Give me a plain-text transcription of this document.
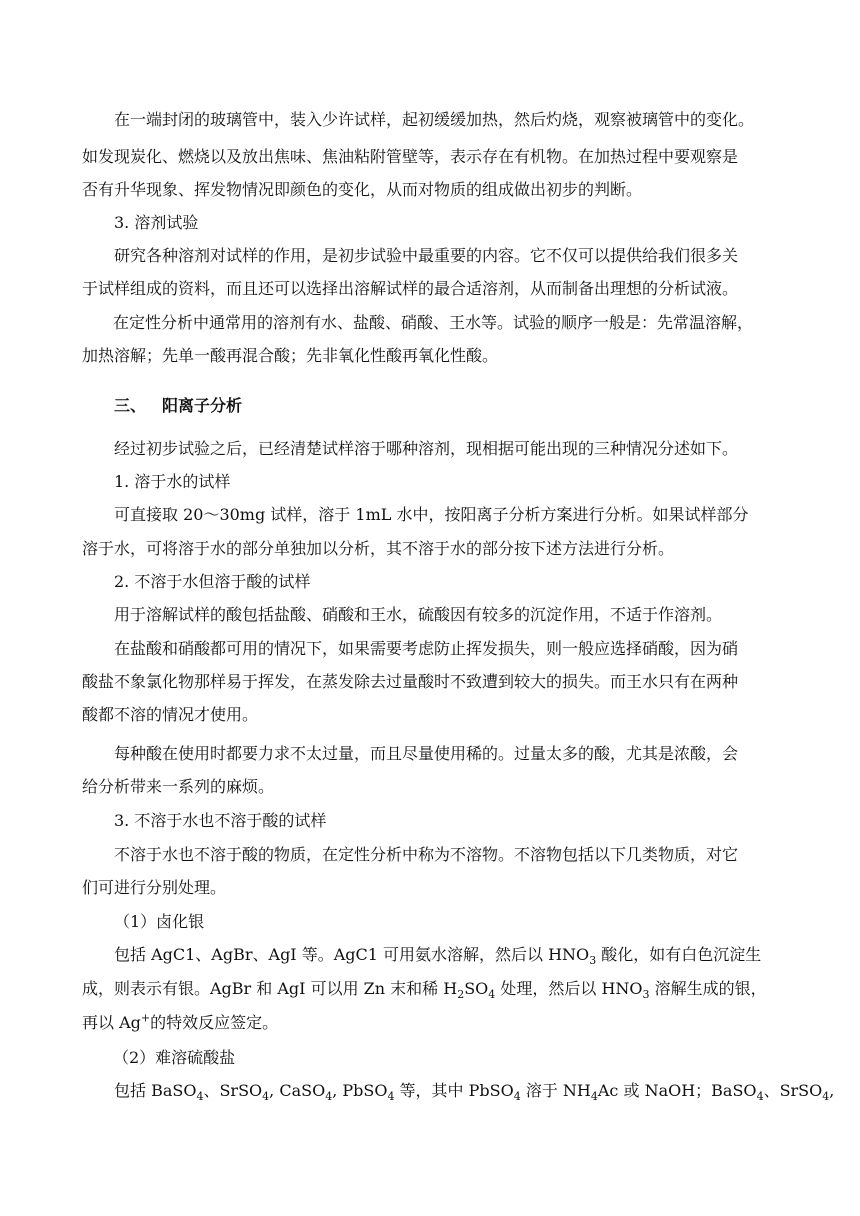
在一端封闭的玻璃管中，装入少许试样，起初缓缓加热，然后灼烧，观察被璃管中的变化。
如发现炭化、燃烧以及放出焦味、焦油粘附管壁等，表示存在有机物。在加热过程中要观察是
否有升华现象、挥发物情况即颜色的变化，从而对物质的组成做出初步的判断。
3. 溶剂试验
研究各种溶剂对试样的作用，是初步试验中最重要的内容。它不仅可以提供给我们很多关
于试样组成的资料，而且还可以选择出溶解试样的最合适溶剂，从而制备出理想的分析试液。
在定性分析中通常用的溶剂有水、盐酸、硝酸、王水等。试验的顺序一般是：先常温溶解，
加热溶解；先单一酸再混合酸；先非氧化性酸再氧化性酸。
三、 阳离子分析
经过初步试验之后，已经清楚试样溶于哪种溶剂，现相据可能出现的三种情况分述如下。
1. 溶于水的试样
可直接取 20～30mg 试样，溶于 1mL 水中，按阳离子分析方案进行分析。如果试样部分
溶于水，可将溶于水的部分单独加以分析，其不溶于水的部分按下述方法进行分析。
2. 不溶于水但溶于酸的试样
用于溶解试样的酸包括盐酸、硝酸和王水，硫酸因有较多的沉淀作用，不适于作溶剂。
在盐酸和硝酸都可用的情况下，如果需要考虑防止挥发损失，则一般应选择硝酸，因为硝
酸盐不象氯化物那样易于挥发，在蒸发除去过量酸时不致遭到较大的损失。而王水只有在两种
酸都不溶的情况才使用。
每种酸在使用时都要力求不太过量，而且尽量使用稀的。过量太多的酸，尤其是浓酸，会
给分析带来一系列的麻烦。
3. 不溶于水也不溶于酸的试样
不溶于水也不溶于酸的物质，在定性分析中称为不溶物。不溶物包括以下几类物质，对它
们可进行分别处理。
（1）卤化银
包括 AgC1、AgBr、AgI 等。AgC1 可用氨水溶解，然后以 $HNO_3$ 酸化，如有白色沉淀生
成，则表示有银。AgBr 和 AgI 可以用 Zn 末和稀 $H_2SO_4$ 处理，然后以 $HNO_3$ 溶解生成的银，
再以 Ag+的特效反应签定。
（2）难溶硫酸盐
包括 BaSO$_4$、SrSO$_4$, CaSO$_4$, PbSO$_4$ 等，其中 PbSO$_4$ 溶于 $NH_4Ac$ 或 NaOH；BaSO$_4$、SrSO$_4$,
